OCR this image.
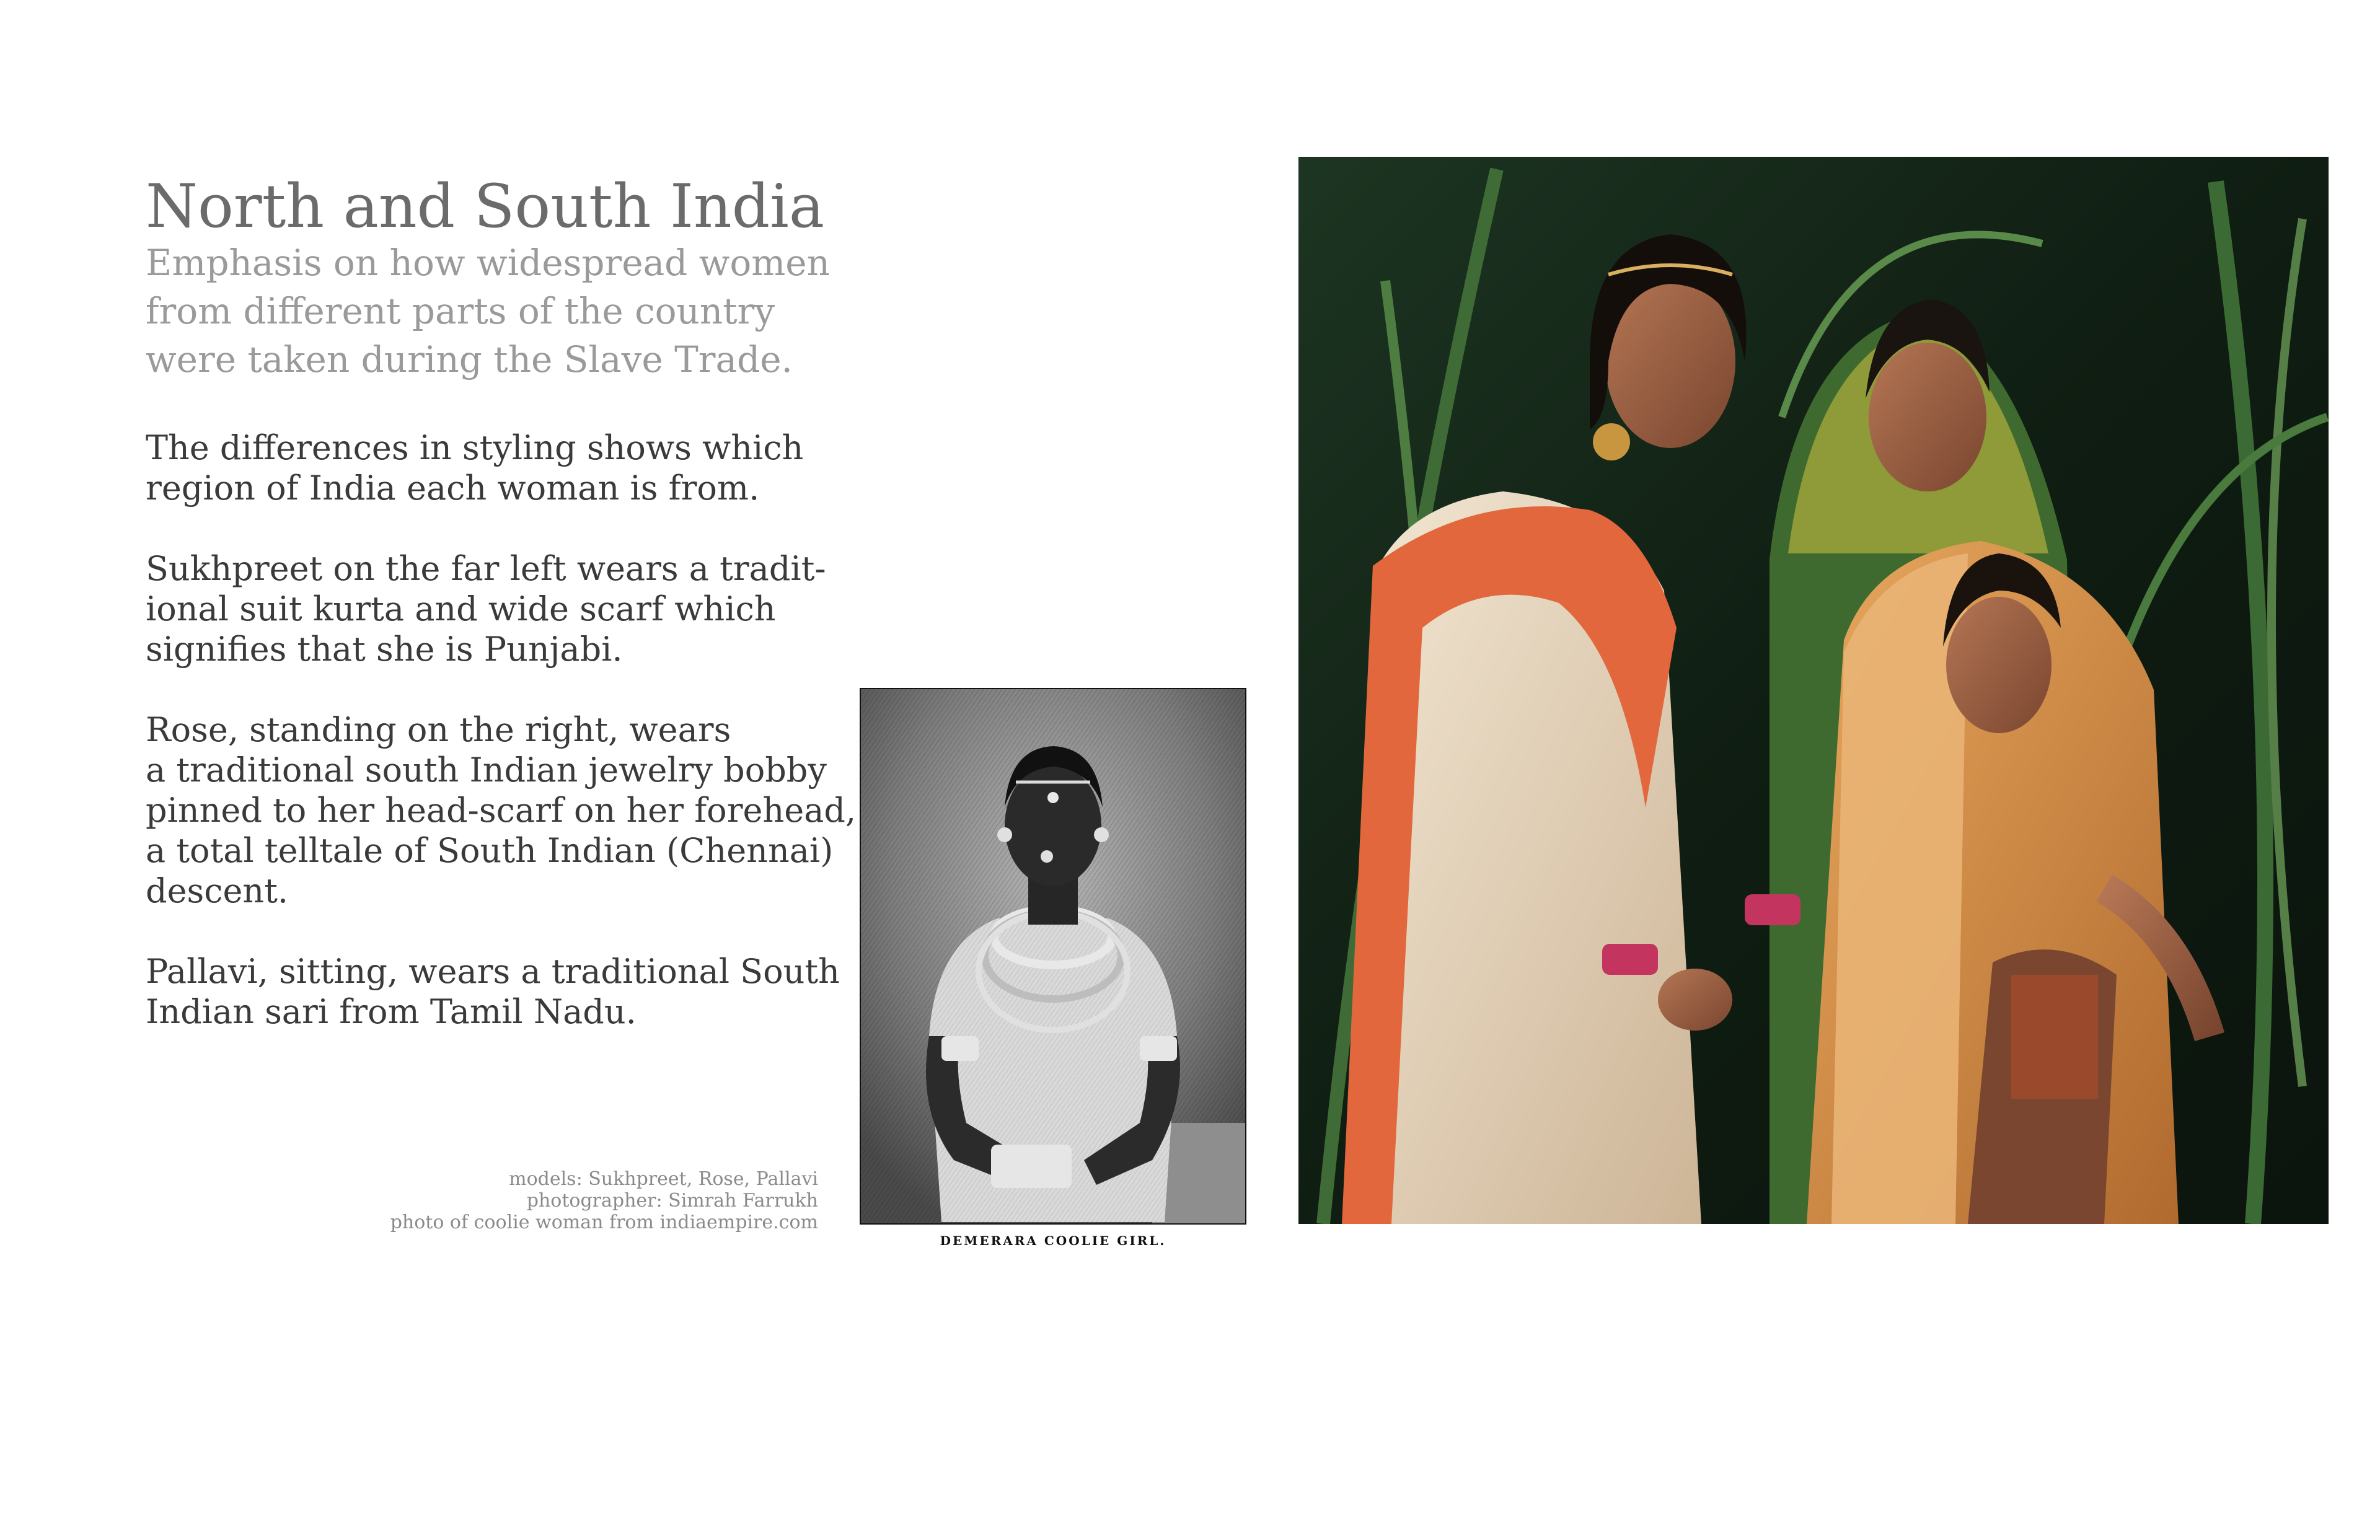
North and South India
Emphasis on how widespread women
from different parts of the country
were taken during the Slave Trade.

The differences in styling shows which
region of India each woman is from.

Sukhpreet on the far left wears a tradit-
ional suit kurta and wide scarf which
signifies that she is Punjabi.

Rose, standing on the right, wears
a traditional south Indian jewelry bobby
pinned to her head-scarf on her forehead,
a total telltale of South Indian (Chennai)
descent.

Pallavi, sitting, wears a traditional South
Indian sari from Tamil Nadu.

models: Sukhpreet, Rose, Pallavi
photographer: Simrah Farrukh
photo of coolie woman from indiaempire.com
DEMERARA COOLIE GIRL.
